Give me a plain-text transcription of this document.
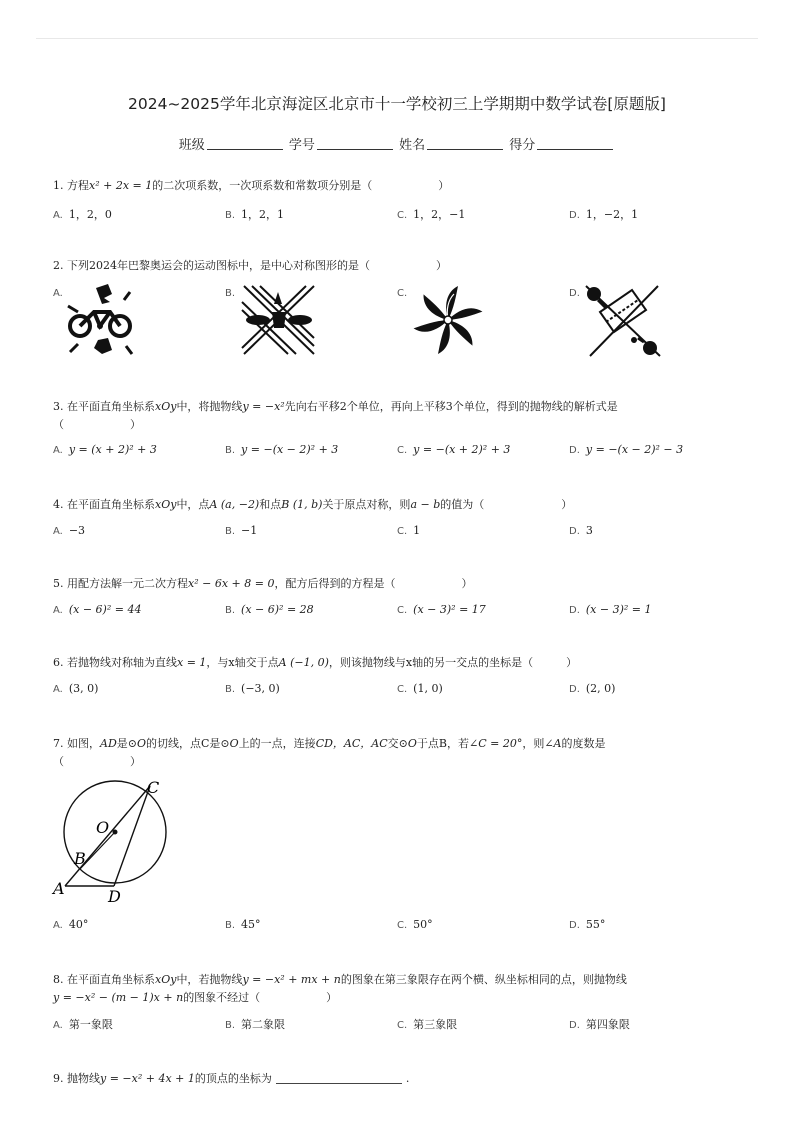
2024~2025学年北京海淀区北京市十一学校初三上学期期中数学试卷[原题版]
班级	学号	姓名	得分
1. 方程x² + 2x = 1的二次项系数，一次项系数和常数项分别是（　　　　　　）
A. 1，2，0	B. 1，2，1	C. 1，2，−1	D. 1，−2，1
2. 下列2024年巴黎奥运会的运动图标中，是中心对称图形的是（　　　　　　）
A.	B.	C.	D.
3. 在平面直角坐标系xOy中，将抛物线y = −x²先向右平移2个单位，再向上平移3个单位，得到的抛物线的解析式是
（　　　　　　）
A. y = (x + 2)² + 3	B. y = −(x − 2)² + 3	C. y = −(x + 2)² + 3	D. y = −(x − 2)² − 3
4. 在平面直角坐标系xOy中，点A (a, −2)和点B (1, b)关于原点对称，则a − b的值为（　　　　　　　）
A. −3	B. −1	C. 1	D. 3
5. 用配方法解一元二次方程x² − 6x + 8 = 0，配方后得到的方程是（　　　　　　）
A. (x − 6)² = 44	B. (x − 6)² = 28	C. (x − 3)² = 17	D. (x − 3)² = 1
6. 若抛物线对称轴为直线x = 1，与x轴交于点A (−1, 0)，则该抛物线与x轴的另一交点的坐标是（　　　）
A. (3, 0)	B. (−3, 0)	C. (1, 0)	D. (2, 0)
7. 如图，AD是⊙O的切线，点C是⊙O上的一点，连接CD，AC，AC交⊙O于点B，若∠C = 20°，则∠A的度数是
（　　　　　　）
C
O
B
A	D
A. 40°	B. 45°	C. 50°	D. 55°
8. 在平面直角坐标系xOy中，若抛物线y = −x² + mx + n的图象在第三象限存在两个横、纵坐标相同的点，则抛物线
y = −x² − (m − 1)x + n的图象不经过（　　　　　　）
A. 第一象限	B. 第二象限	C. 第三象限	D. 第四象限
9. 抛物线y = −x² + 4x + 1的顶点的坐标为	.
